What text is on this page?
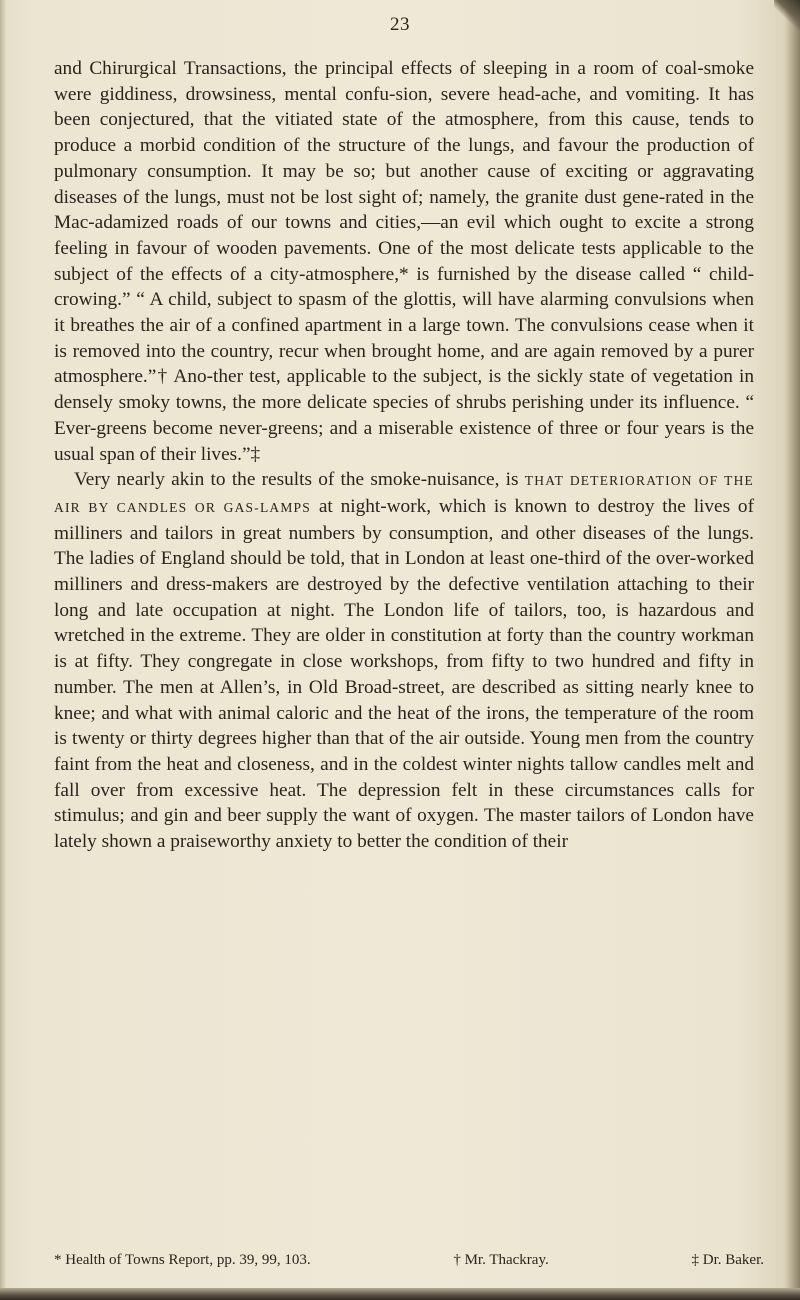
23

and Chirurgical Transactions, the principal effects of sleeping in a room of coal-smoke were giddiness, drowsiness, mental confu-sion, severe head-ache, and vomiting. It has been conjectured, that the vitiated state of the atmosphere, from this cause, tends to produce a morbid condition of the structure of the lungs, and favour the production of pulmonary consumption. It may be so; but another cause of exciting or aggravating diseases of the lungs, must not be lost sight of; namely, the granite dust gene-rated in the Mac-adamized roads of our towns and cities,—an evil which ought to excite a strong feeling in favour of wooden pavements. One of the most delicate tests applicable to the subject of the effects of a city-atmosphere,* is furnished by the disease called “ child-crowing.” “ A child, subject to spasm of the glottis, will have alarming convulsions when it breathes the air of a confined apartment in a large town. The convulsions cease when it is removed into the country, recur when brought home, and are again removed by a purer atmosphere.”† Ano-ther test, applicable to the subject, is the sickly state of vegetation in densely smoky towns, the more delicate species of shrubs perishing under its influence. “ Ever-greens become never-greens; and a miserable existence of three or four years is the usual span of their lives.”‡

Very nearly akin to the results of the smoke-nuisance, is THAT DETERIORATION OF THE AIR BY CANDLES OR GAS-LAMPS at night-work, which is known to destroy the lives of milliners and tailors in great numbers by consumption, and other diseases of the lungs. The ladies of England should be told, that in London at least one-third of the over-worked milliners and dress-makers are destroyed by the defective ventilation attaching to their long and late occupation at night. The London life of tailors, too, is hazardous and wretched in the extreme. They are older in constitution at forty than the country workman is at fifty. They congregate in close workshops, from fifty to two hundred and fifty in number. The men at Allen’s, in Old Broad-street, are described as sitting nearly knee to knee; and what with animal caloric and the heat of the irons, the temperature of the room is twenty or thirty degrees higher than that of the air outside. Young men from the country faint from the heat and closeness, and in the coldest winter nights tallow candles melt and fall over from excessive heat. The depression felt in these circumstances calls for stimulus; and gin and beer supply the want of oxygen. The master tailors of London have lately shown a praiseworthy anxiety to better the condition of their

* Health of Towns Report, pp. 39, 99, 103.	† Mr. Thackray.	‡ Dr. Baker.
